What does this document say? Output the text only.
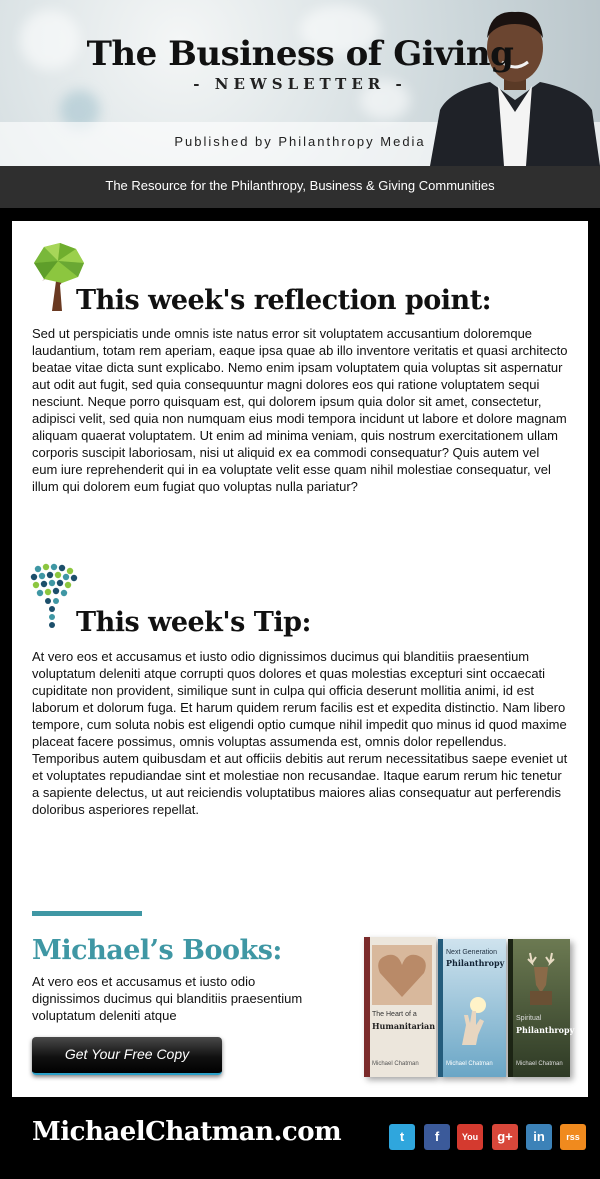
The Business of Giving
- NEWSLETTER -
Published by Philanthropy Media
The Resource for the Philanthropy, Business & Giving Communities
This week's reflection point:
Sed ut perspiciatis unde omnis iste natus error sit voluptatem accusantium doloremque laudantium, totam rem aperiam, eaque ipsa quae ab illo inventore veritatis et quasi architecto beatae vitae dicta sunt explicabo. Nemo enim ipsam voluptatem quia voluptas sit aspernatur aut odit aut fugit, sed quia consequuntur magni dolores eos qui ratione voluptatem sequi nesciunt. Neque porro quisquam est, qui dolorem ipsum quia dolor sit amet, consectetur, adipisci velit, sed quia non numquam eius modi tempora incidunt ut labore et dolore magnam aliquam quaerat voluptatem. Ut enim ad minima veniam, quis nostrum exercitationem ullam corporis suscipit laboriosam, nisi ut aliquid ex ea commodi consequatur? Quis autem vel eum iure reprehenderit qui in ea voluptate velit esse quam nihil molestiae consequatur, vel illum qui dolorem eum fugiat quo voluptas nulla pariatur?
This week's Tip:
At vero eos et accusamus et iusto odio dignissimos ducimus qui blanditiis praesentium voluptatum deleniti atque corrupti quos dolores et quas molestias excepturi sint occaecati cupiditate non provident, similique sunt in culpa qui officia deserunt mollitia animi, id est laborum et dolorum fuga. Et harum quidem rerum facilis est et expedita distinctio. Nam libero tempore, cum soluta nobis est eligendi optio cumque nihil impedit quo minus id quod maxime placeat facere possimus, omnis voluptas assumenda est, omnis dolor repellendus. Temporibus autem quibusdam et aut officiis debitis aut rerum necessitatibus saepe eveniet ut et voluptates repudiandae sint et molestiae non recusandae. Itaque earum rerum hic tenetur a sapiente delectus, ut aut reiciendis voluptatibus maiores alias consequatur aut perferendis doloribus asperiores repellat.
Michael’s Books:
At vero eos et accusamus et iusto odio dignissimos ducimus qui blanditiis praesentium voluptatum deleniti atque
Get Your Free Copy
The Heart of a
Humanitarian
Michael Chatman
Next Generation
Philanthropy
Michael Chatman
Spiritual
Philanthropy
Michael Chatman
MichaelChatman.com	t	f	You	g+	in	rss
